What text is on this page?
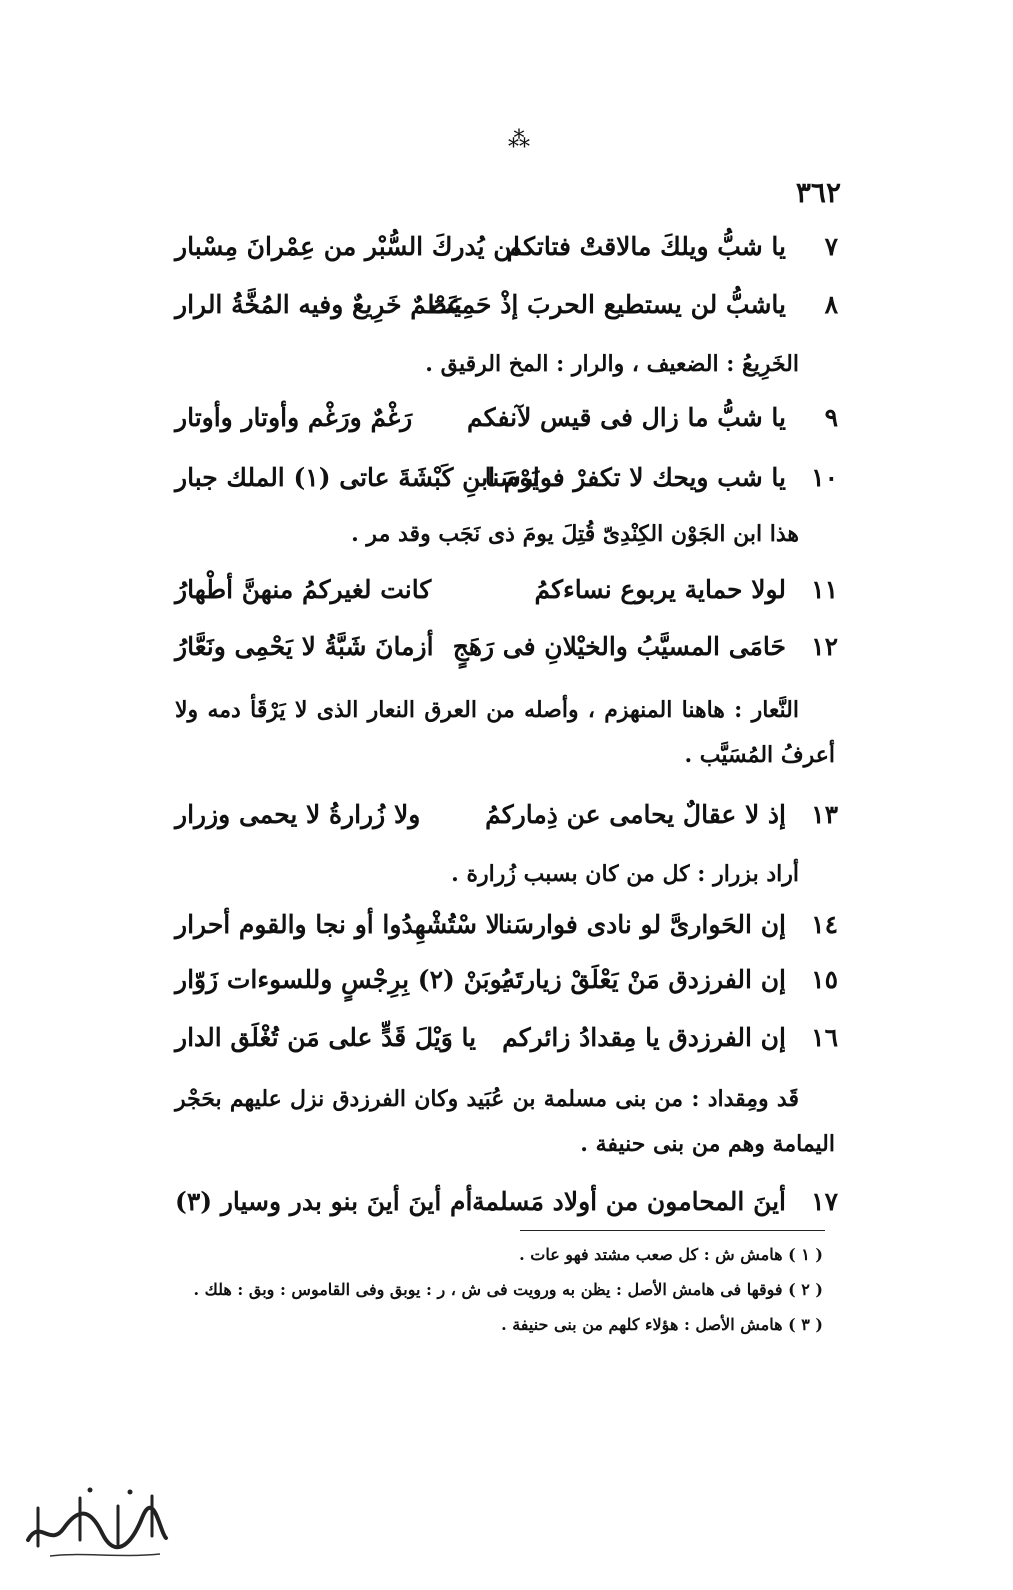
⁂
٣٦٢
٧
يا شبُّ ويلكَ مالاقتْ فتاتكم
لن يُدركَ السُّبْر من عِمْرانَ مِسْبار
٨
ياشبُّ لن يستطيع الحربَ إذْ حَمِيَتْ
عَظمٌ خَرِيعٌ وفيه المُخَّةُ الرار
الخَرِيعُ : الضعيف ، والرار : المخ الرقيق .
٩
يا شبُّ ما زال فى قيس لآنفكم
رَغْمٌ ورَغْم وأوتار وأوتار
١٠
يا شب ويحك لا تكفرْ فوارسَنا
يَوْمَ ابنِ كَبْشَةَ عاتى (١) الملك جبار
هذا ابن الجَوْن الكِنْدِىّ قُتِلَ يومَ ذى نَجَب وقد مر .
١١
لولا حماية يربوع نساءكمُ
كانت لغيركمُ منهنَّ أطْهارُ
١٢
حَامَى المسيَّبُ والخيْلانِ فى رَهَجٍ
أزمانَ شَبَّةُ لا يَحْمِى ونَعَّارُ
النَّعار : هاهنا المنهزم ، وأصله من العرق النعار الذى لا يَرْقَأ دمه ولا أعرفُ المُسَيَّب .
١٣
إذ لا عقالٌ يحامى عن ذِماركمُ
ولا زُرارةُ لا يحمى وزرار
أراد بزرار : كل من كان بسبب زُرارة .
١٤
إن الحَوارىَّ لو نادى فوارسَنا
لا سْتُشْهِدُوا أو نجا والقوم أحرار
١٥
إن الفرزدق مَنْ يَعْلَقْ زيارتَه
يُوبَنْ (٢) بِرِجْسٍ وللسوءات زَوّار
١٦
إن الفرزدق يا مِقدادُ زائركم
يا وَيْلَ قَدٍّ على مَن تُغْلَق الدار
قَد ومِقداد : من بنى مسلمة بن عُبَيد وكان الفرزدق نزل عليهم بحَجْر اليمامة وهم من بنى حنيفة .
١٧
أينَ المحامون من أولاد مَسلمة
أم أينَ أينَ بنو بدر وسيار (٣)
( ١ ) هامش ش : كل صعب مشتد فهو عات .
( ٢ ) فوقها فى هامش الأصل : يظن به ورويت فى ش ، ر : يوبق وفى القاموس : وبق : هلك .
( ٣ ) هامش الأصل : هؤلاء كلهم من بنى حنيفة .
